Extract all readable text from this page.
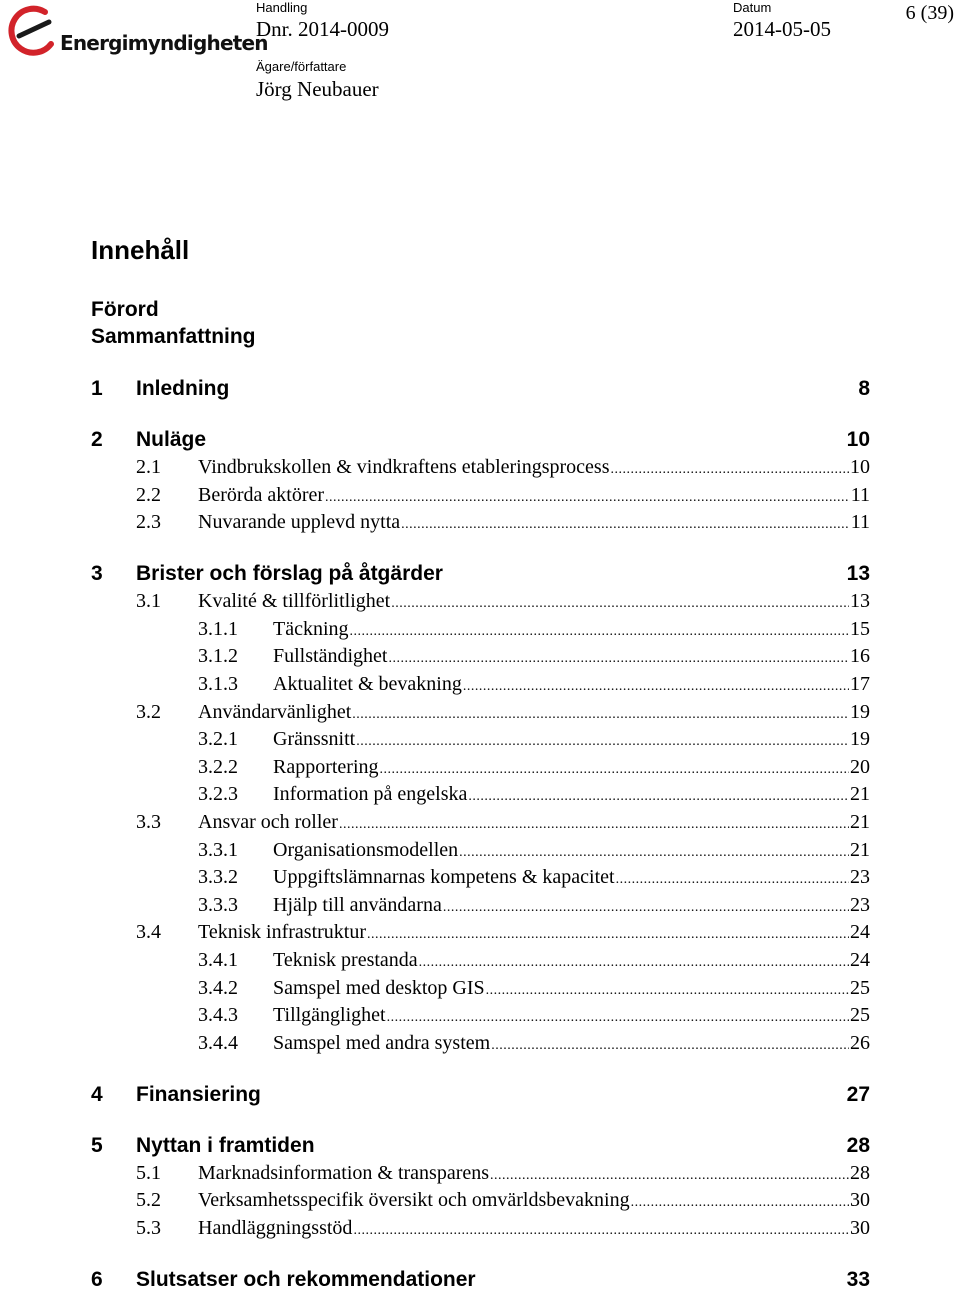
Energimyndigheten
Handling
Dnr. 2014-0009
Datum
2014-05-05
Ägare/författare
Jörg Neubauer
6 (39)
Innehåll
Förord
Sammanfattning
1 Inledning	8
2 Nuläge	10
2.1 Vindbrukskollen & vindkraftens etableringsprocess .....	10
2.2 Berörda aktörer .....	11
2.3 Nuvarande upplevd nytta .....	11
3 Brister och förslag på åtgärder	13
3.1 Kvalité & tillförlitlighet .....	13
3.1.1 Täckning .....	15
3.1.2 Fullständighet .....	16
3.1.3 Aktualitet & bevakning .....	17
3.2 Användarvänlighet .....	19
3.2.1 Gränssnitt .....	19
3.2.2 Rapportering .....	20
3.2.3 Information på engelska .....	21
3.3 Ansvar och roller .....	21
3.3.1 Organisationsmodellen .....	21
3.3.2 Uppgiftslämnarnas kompetens & kapacitet .....	23
3.3.3 Hjälp till användarna .....	23
3.4 Teknisk infrastruktur .....	24
3.4.1 Teknisk prestanda .....	24
3.4.2 Samspel med desktop GIS .....	25
3.4.3 Tillgänglighet .....	25
3.4.4 Samspel med andra system .....	26
4 Finansiering	27
5 Nyttan i framtiden	28
5.1 Marknadsinformation & transparens .....	28
5.2 Verksamhetsspecifik översikt och omvärldsbevakning .....	30
5.3 Handläggningsstöd .....	30
6 Slutsatser och rekommendationer	33
